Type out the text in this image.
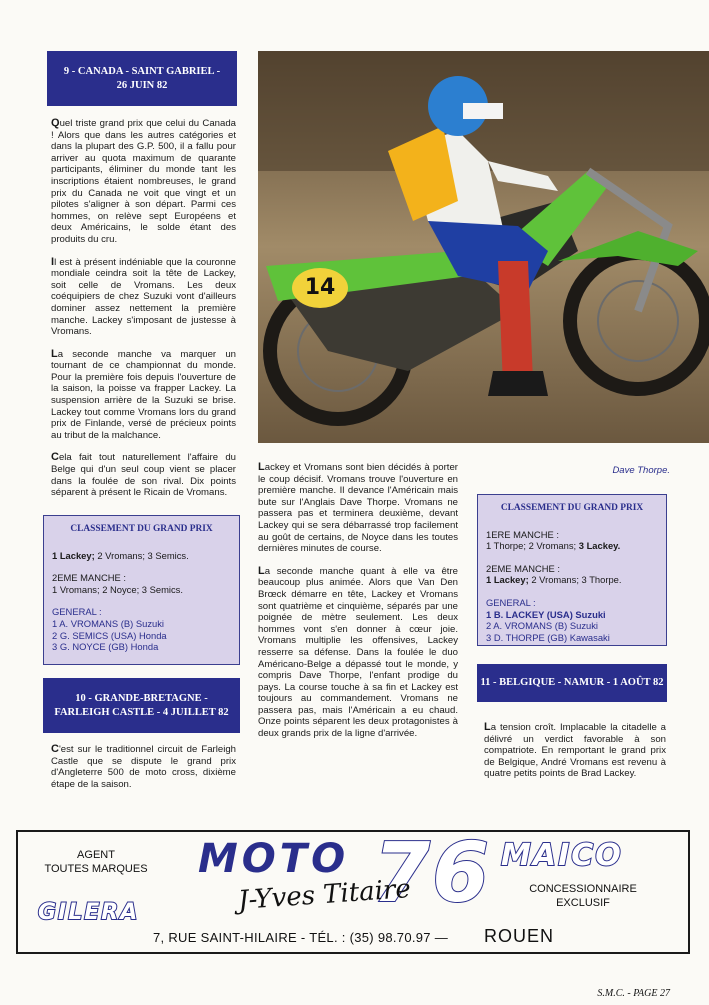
9 - CANADA - SAINT GABRIEL -
26 JUIN 82

Quel triste grand prix que celui du Canada ! Alors que dans les autres catégories et dans la plupart des G.P. 500, il a fallu pour arriver au quota maximum de quarante participants, éliminer du monde tant les inscriptions étaient nombreuses, le grand prix du Canada ne voit que vingt et un pilotes s'aligner à son départ. Parmi ces hommes, on relève sept Européens et deux Américains, le solde étant des produits du cru.

Il est à présent indéniable que la couronne mondiale ceindra soit la tête de Lackey, soit celle de Vromans. Les deux coéquipiers de chez Suzuki vont d'ailleurs dominer assez nettement la première manche. Lackey s'imposant de justesse à Vromans.

La seconde manche va marquer un tournant de ce championnat du monde. Pour la première fois depuis l'ouverture de la saison, la poisse va frapper Lackey. La suspension arrière de la Suzuki se brise. Lackey tout comme Vromans lors du grand prix de Finlande, versé de précieux points au tribut de la malchance.

Cela fait tout naturellement l'affaire du Belge qui d'un seul coup vient se placer dans la foulée de son rival. Dix points séparent à présent le Ricain de Vromans.

CLASSEMENT DU GRAND PRIX
1 Lackey; 2 Vromans; 3 Semics.
2EME MANCHE :
1 Vromans; 2 Noyce; 3 Semics.
GENERAL :
1 A. VROMANS (B) Suzuki
2 G. SEMICS (USA) Honda
3 G. NOYCE (GB) Honda
10 - GRANDE-BRETAGNE -
FARLEIGH CASTLE - 4 JUILLET 82

C'est sur le traditionnel circuit de Farleigh Castle que se dispute le grand prix d'Angleterre 500 de moto cross, dixième étape de la saison.

14
Dave Thorpe.

Lackey et Vromans sont bien décidés à porter le coup décisif. Vromans trouve l'ouverture en première manche. Il devance l'Américain mais bute sur l'Anglais Dave Thorpe. Vromans ne passera pas et terminera deuxième, devant Lackey qui se sera débarrassé trop facilement au goût de certains, de Noyce dans les toutes dernières minutes de course.

La seconde manche quant à elle va être beaucoup plus animée. Alors que Van Den Brœck démarre en tête, Lackey et Vromans sont quatrième et cinquième, séparés par une poignée de mètre seulement. Les deux hommes vont s'en donner à cœur joie. Vromans multiplie les offensives, Lackey resserre sa défense. Dans la foulée le duo Américano-Belge a dépassé tout le monde, y compris Dave Thorpe, l'enfant prodige du pays. La course touche à sa fin et Lackey est toujours au commandement. Vromans ne passera pas, mais l'Américain a eu chaud. Onze points séparent les deux protagonistes à deux grands prix de la ligne d'arrivée.

CLASSEMENT DU GRAND PRIX
1ERE MANCHE :
1 Thorpe; 2 Vromans; 3 Lackey.
2EME MANCHE :
1 Lackey; 2 Vromans; 3 Thorpe.
GENERAL :
1 B. LACKEY (USA) Suzuki
2 A. VROMANS (B) Suzuki
3 D. THORPE (GB) Kawasaki
11 - BELGIQUE - NAMUR - 1 AOÛT 82

La tension croît. Implacable la citadelle a délivré un verdict favorable à son compatriote. En remportant le grand prix de Belgique, André Vromans est revenu à quatre petits points de Brad Lackey.

AGENT
TOUTES MARQUES MOTO 76
J-Yves Titaire
MAICO
CONCESSIONNAIRE
EXCLUSIF
GILERA
7, RUE SAINT-HILAIRE - TÉL. : (35) 98.70.97 — ROUEN
S.M.C. - PAGE 27
